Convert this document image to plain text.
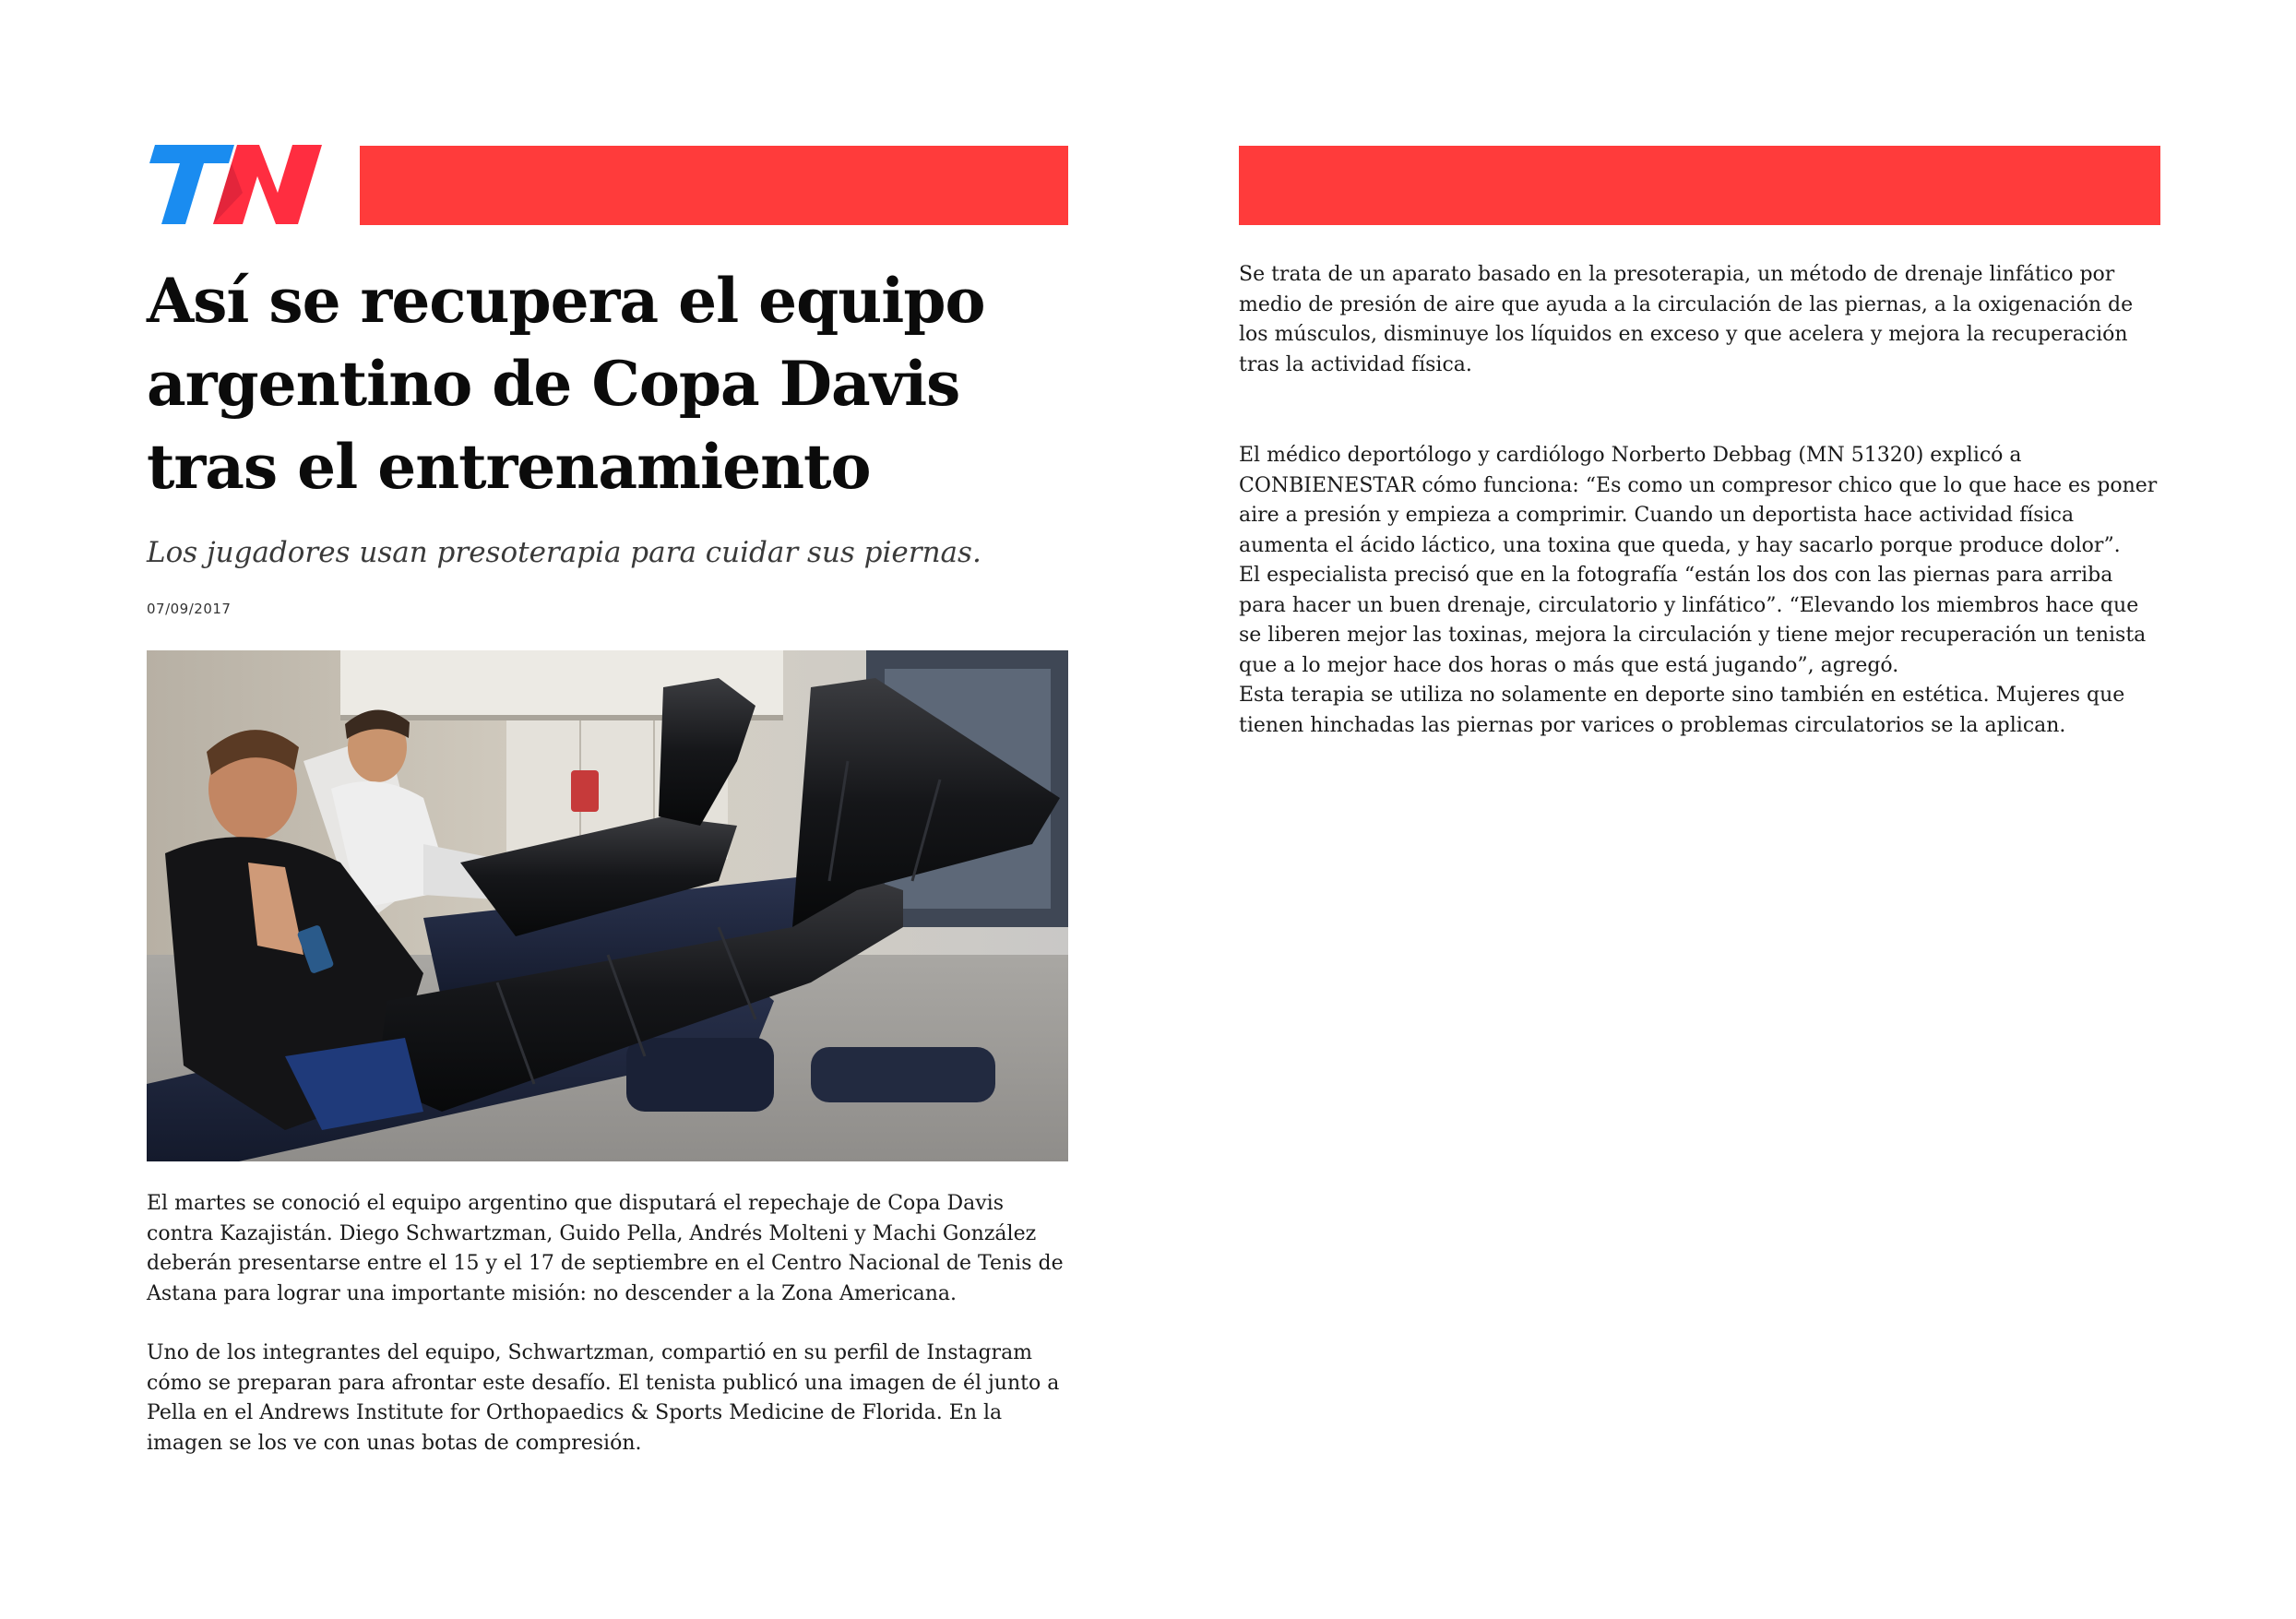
Así se recupera el equipo argentino de Copa Davis tras el entrenamiento

Los jugadores usan presoterapia para cuidar sus piernas.

07/09/2017

El martes se conoció el equipo argentino que disputará el repechaje de Copa Davis contra Kazajistán. Diego Schwartzman, Guido Pella, Andrés Molteni y Machi González deberán presentarse entre el 15 y el 17 de septiembre en el Centro Nacional de Tenis de Astana para lograr una importante misión: no descender a la Zona Americana.

Uno de los integrantes del equipo, Schwartzman, compartió en su perfil de Instagram cómo se preparan para afrontar este desafío. El tenista publicó una imagen de él junto a Pella en el Andrews Institute for Orthopaedics & Sports Medicine de Florida. En la imagen se los ve con unas botas de compresión.

Se trata de un aparato basado en la presoterapia, un método de drenaje linfático por medio de presión de aire que ayuda a la circulación de las piernas, a la oxigenación de los músculos, disminuye los líquidos en exceso y que acelera y mejora la recuperación tras la actividad física.

El médico deportólogo y cardiólogo Norberto Debbag (MN 51320) explicó a CONBIENESTAR cómo funciona: “Es como un compresor chico que lo que hace es poner aire a presión y empieza a comprimir. Cuando un deportista hace actividad física aumenta el ácido láctico, una toxina que queda, y hay sacarlo porque produce dolor”.

El especialista precisó que en la fotografía “están los dos con las piernas para arriba para hacer un buen drenaje, circulatorio y linfático”. “Elevando los miembros hace que se liberen mejor las toxinas, mejora la circulación y tiene mejor recuperación un tenista que a lo mejor hace dos horas o más que está jugando”, agregó.

Esta terapia se utiliza no solamente en deporte sino también en estética. Mujeres que tienen hinchadas las piernas por varices o problemas circulatorios se la aplican.
